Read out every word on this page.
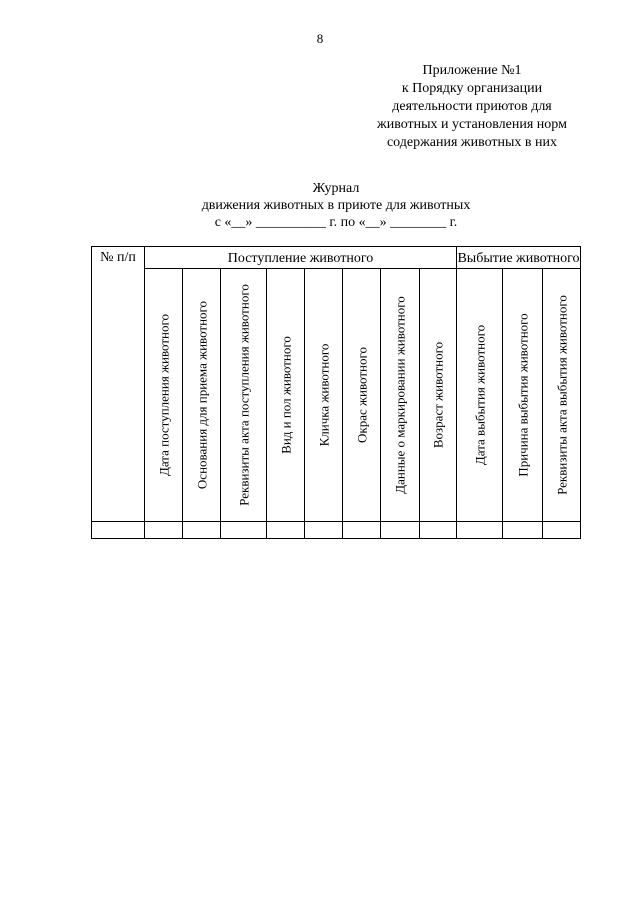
8
Приложение №1
к Порядку организации
деятельности приютов для
животных и установления норм
содержания животных в них
Журнал
движения животных в приюте для животных
с «__» __________ г. по «__» ________ г.
№ п/п	Поступление животного								Выбытие животного		

	Дата поступления животного	Основания для приема животного	Реквизиты акта поступления животного	Вид и пол животного	Кличка животного	Окрас животного	Данные о маркировании животного	Возраст животного	Дата выбытия животного	Причина выбытия животного	Реквизиты акта выбытия животного
